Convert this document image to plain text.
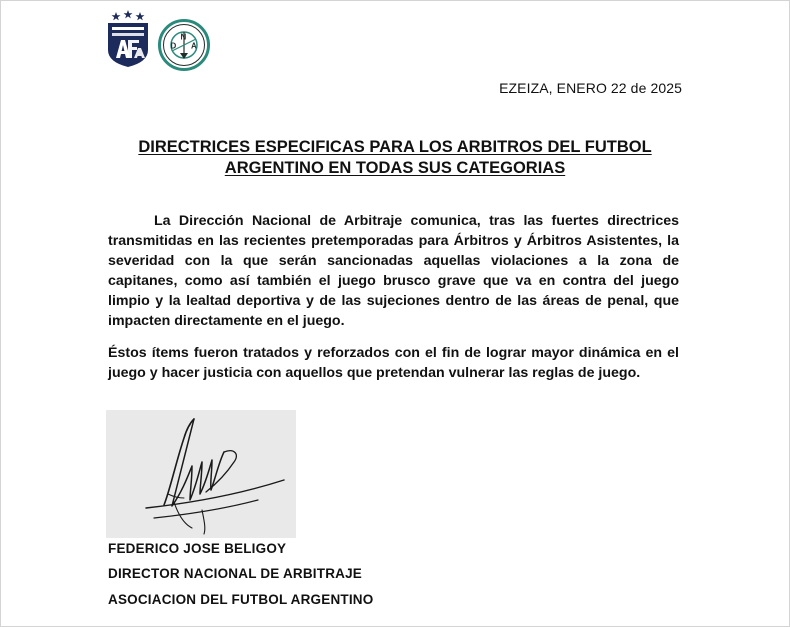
D
N
A
EZEIZA, ENERO 22 de 2025
DIRECTRICES ESPECIFICAS PARA LOS ARBITROS DEL FUTBOL
ARGENTINO EN TODAS SUS CATEGORIAS

La Dirección Nacional de Arbitraje comunica, tras las fuertes directrices transmitidas en las recientes pretemporadas para Árbitros y Árbitros Asistentes, la severidad con la que serán sancionadas aquellas violaciones a la zona de capitanes, como así también el juego brusco grave que va en contra del juego limpio y la lealtad deportiva y de las sujeciones dentro de las áreas de penal, que impacten directamente en el juego.

Éstos ítems fueron tratados y reforzados con el fin de lograr mayor dinámica en el juego y hacer justicia con aquellos que pretendan vulnerar las reglas de juego.

FEDERICO JOSE BELIGOY
DIRECTOR NACIONAL DE ARBITRAJE
ASOCIACION DEL FUTBOL ARGENTINO
